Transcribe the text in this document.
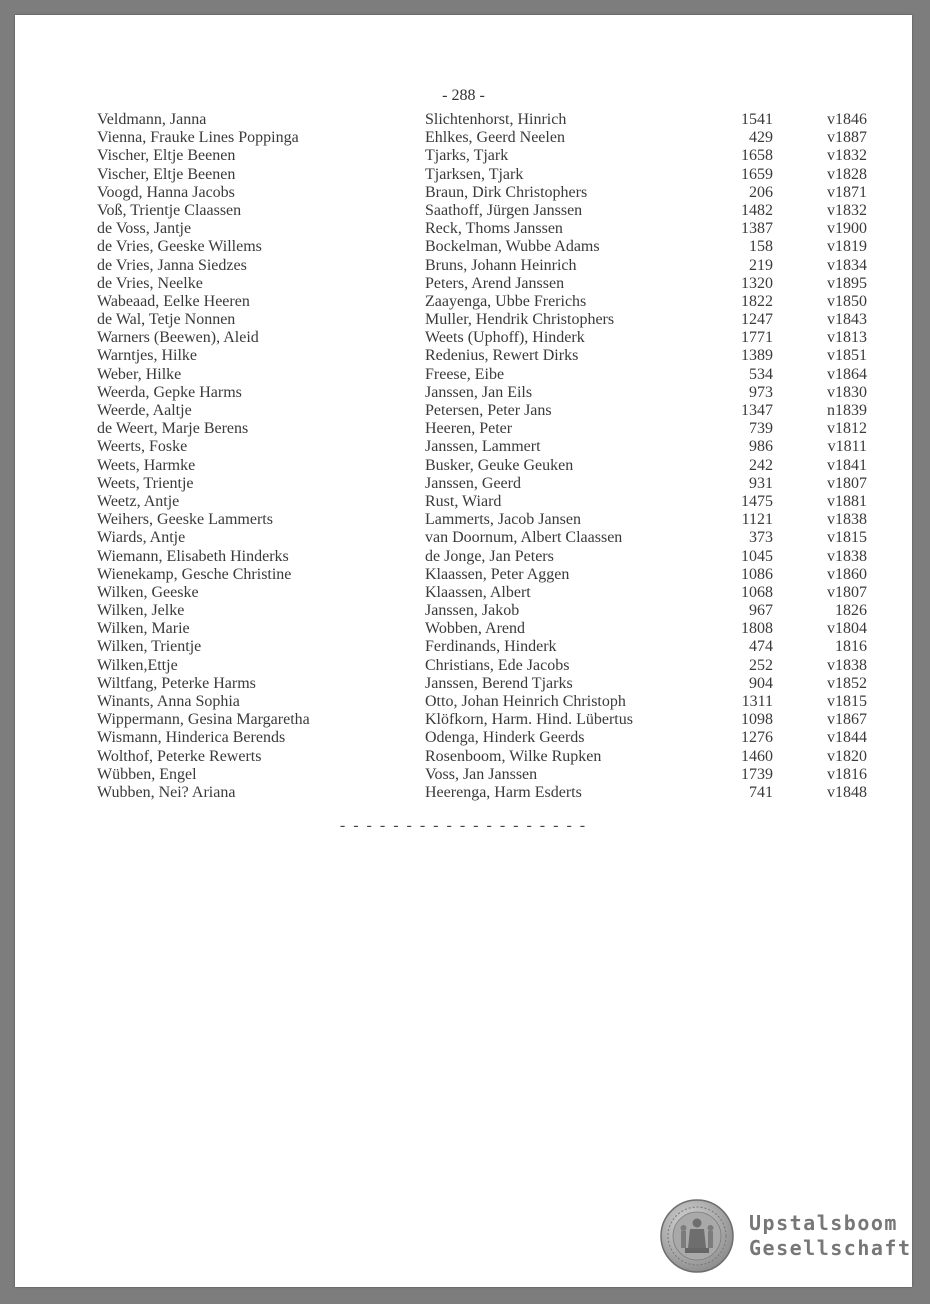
- 288 -
Veldmann, Janna	Slichtenhorst, Hinrich	1541	v1846
Vienna, Frauke Lines Poppinga	Ehlkes, Geerd Neelen	429	v1887
Vischer, Eltje Beenen	Tjarks, Tjark	1658	v1832
Vischer, Eltje Beenen	Tjarksen, Tjark	1659	v1828
Voogd, Hanna Jacobs	Braun, Dirk Christophers	206	v1871
Voß, Trientje Claassen	Saathoff, Jürgen Janssen	1482	v1832
de Voss, Jantje	Reck, Thoms Janssen	1387	v1900
de Vries, Geeske Willems	Bockelman, Wubbe Adams	158	v1819
de Vries, Janna Siedzes	Bruns, Johann Heinrich	219	v1834
de Vries, Neelke	Peters, Arend Janssen	1320	v1895
Wabeaad, Eelke Heeren	Zaayenga, Ubbe Frerichs	1822	v1850
de Wal, Tetje Nonnen	Muller, Hendrik Christophers	1247	v1843
Warners (Beewen), Aleid	Weets (Uphoff), Hinderk	1771	v1813
Warntjes, Hilke	Redenius, Rewert Dirks	1389	v1851
Weber, Hilke	Freese, Eibe	534	v1864
Weerda, Gepke Harms	Janssen, Jan Eils	973	v1830
Weerde, Aaltje	Petersen, Peter Jans	1347	n1839
de Weert, Marje Berens	Heeren, Peter	739	v1812
Weerts, Foske	Janssen, Lammert	986	v1811
Weets, Harmke	Busker, Geuke Geuken	242	v1841
Weets, Trientje	Janssen, Geerd	931	v1807
Weetz, Antje	Rust, Wiard	1475	v1881
Weihers, Geeske Lammerts	Lammerts, Jacob Jansen	1121	v1838
Wiards, Antje	van Doornum, Albert Claassen	373	v1815
Wiemann, Elisabeth Hinderks	de Jonge, Jan Peters	1045	v1838
Wienekamp, Gesche Christine	Klaassen, Peter Aggen	1086	v1860
Wilken, Geeske	Klaassen, Albert	1068	v1807
Wilken, Jelke	Janssen, Jakob	967	1826
Wilken, Marie	Wobben, Arend	1808	v1804
Wilken, Trientje	Ferdinands, Hinderk	474	1816
Wilken,Ettje	Christians, Ede Jacobs	252	v1838
Wiltfang, Peterke Harms	Janssen, Berend Tjarks	904	v1852
Winants, Anna Sophia	Otto, Johan Heinrich Christoph	1311	v1815
Wippermann, Gesina Margaretha	Klöfkorn, Harm. Hind. Lübertus	1098	v1867
Wismann, Hinderica Berends	Odenga, Hinderk Geerds	1276	v1844
Wolthof, Peterke Rewerts	Rosenboom, Wilke Rupken	1460	v1820
Wübben, Engel	Voss, Jan Janssen	1739	v1816
Wubben, Nei? Ariana	Heerenga, Harm Esderts	741	v1848
- - - - - - - - - - - - - - - - - - -
Upstalsboom
Gesellschaft
